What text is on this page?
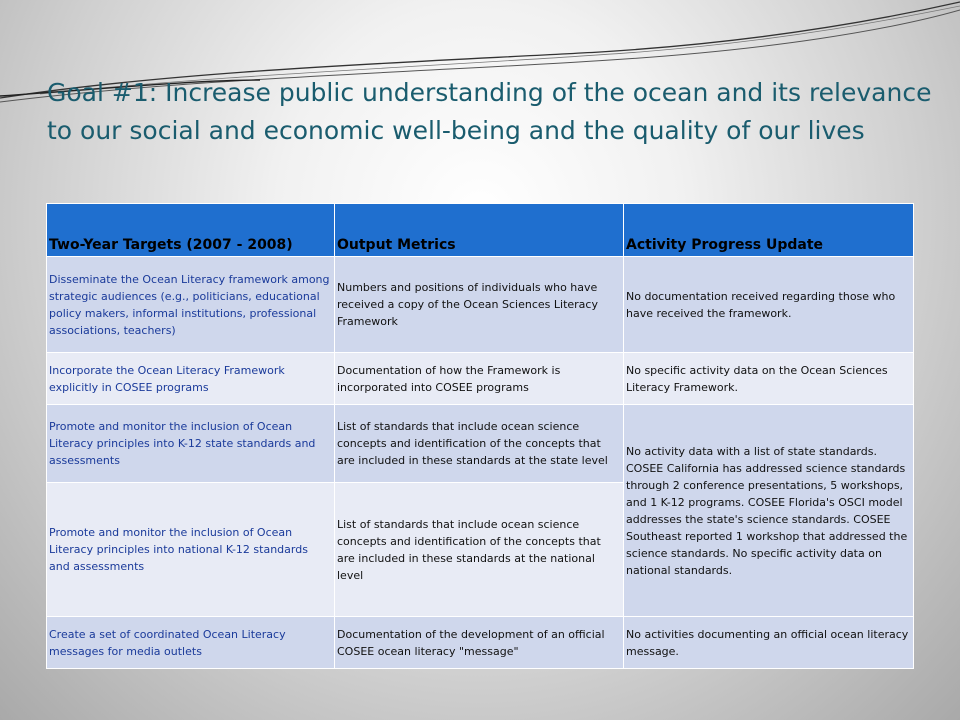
Goal #1: Increase public understanding of the ocean and its relevance to our social and economic well-being and the quality of our lives
Two-Year Targets (2007 - 2008)	Output Metrics	Activity Progress Update
Disseminate the Ocean Literacy framework among strategic audiences (e.g., politicians, educational policy makers, informal institutions, professional associations, teachers)	Numbers and positions of individuals who have received a copy of the Ocean Sciences Literacy Framework	No documentation received regarding those who have received the framework.
Incorporate the Ocean Literacy Framework explicitly in COSEE programs	Documentation of how the Framework is incorporated into COSEE programs	No specific activity data on the Ocean Sciences Literacy Framework.
Promote and monitor the inclusion of Ocean Literacy principles into K-12 state standards and assessments	List of standards that include ocean science concepts and identification of the concepts that are included in these standards at the state level	No activity data with a list of state standards. COSEE California has addressed science standards through 2 conference presentations, 5 workshops, and 1 K-12 programs. COSEE Florida's OSCI model addresses the state's science standards. COSEE Southeast reported 1 workshop that addressed the science standards. No specific activity data on national standards.
Promote and monitor the inclusion of Ocean Literacy principles into national K-12 standards and assessments	List of standards that include ocean science concepts and identification of the concepts that are included in these standards at the national level	
Create a set of coordinated Ocean Literacy messages for media outlets	Documentation of the development of an official COSEE ocean literacy "message"	No activities documenting an official ocean literacy message.
